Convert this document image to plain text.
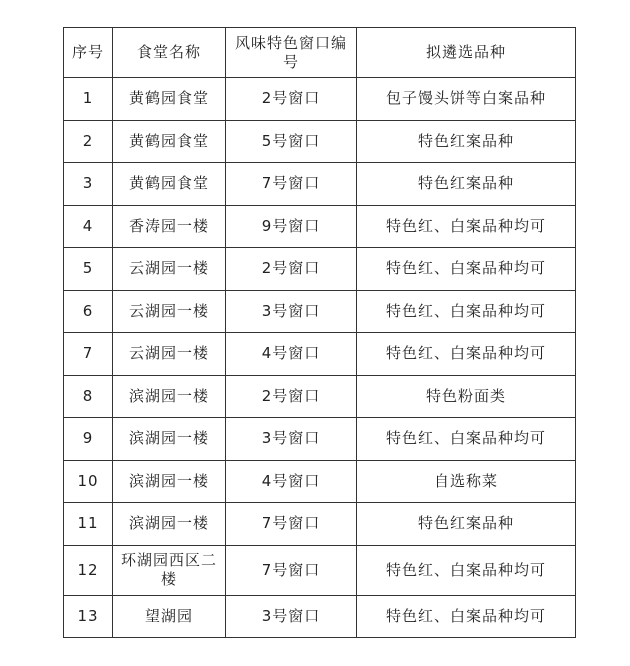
序号	食堂名称	风味特色窗口编号	拟遴选品种
1	黄鹤园食堂	2号窗口	包子馒头饼等白案品种
2	黄鹤园食堂	5号窗口	特色红案品种
3	黄鹤园食堂	7号窗口	特色红案品种
4	香涛园一楼	9号窗口	特色红、白案品种均可
5	云湖园一楼	2号窗口	特色红、白案品种均可
6	云湖园一楼	3号窗口	特色红、白案品种均可
7	云湖园一楼	4号窗口	特色红、白案品种均可
8	滨湖园一楼	2号窗口	特色粉面类
9	滨湖园一楼	3号窗口	特色红、白案品种均可
10	滨湖园一楼	4号窗口	自选称菜
11	滨湖园一楼	7号窗口	特色红案品种
12	环湖园西区二楼	7号窗口	特色红、白案品种均可
13	望湖园	3号窗口	特色红、白案品种均可
